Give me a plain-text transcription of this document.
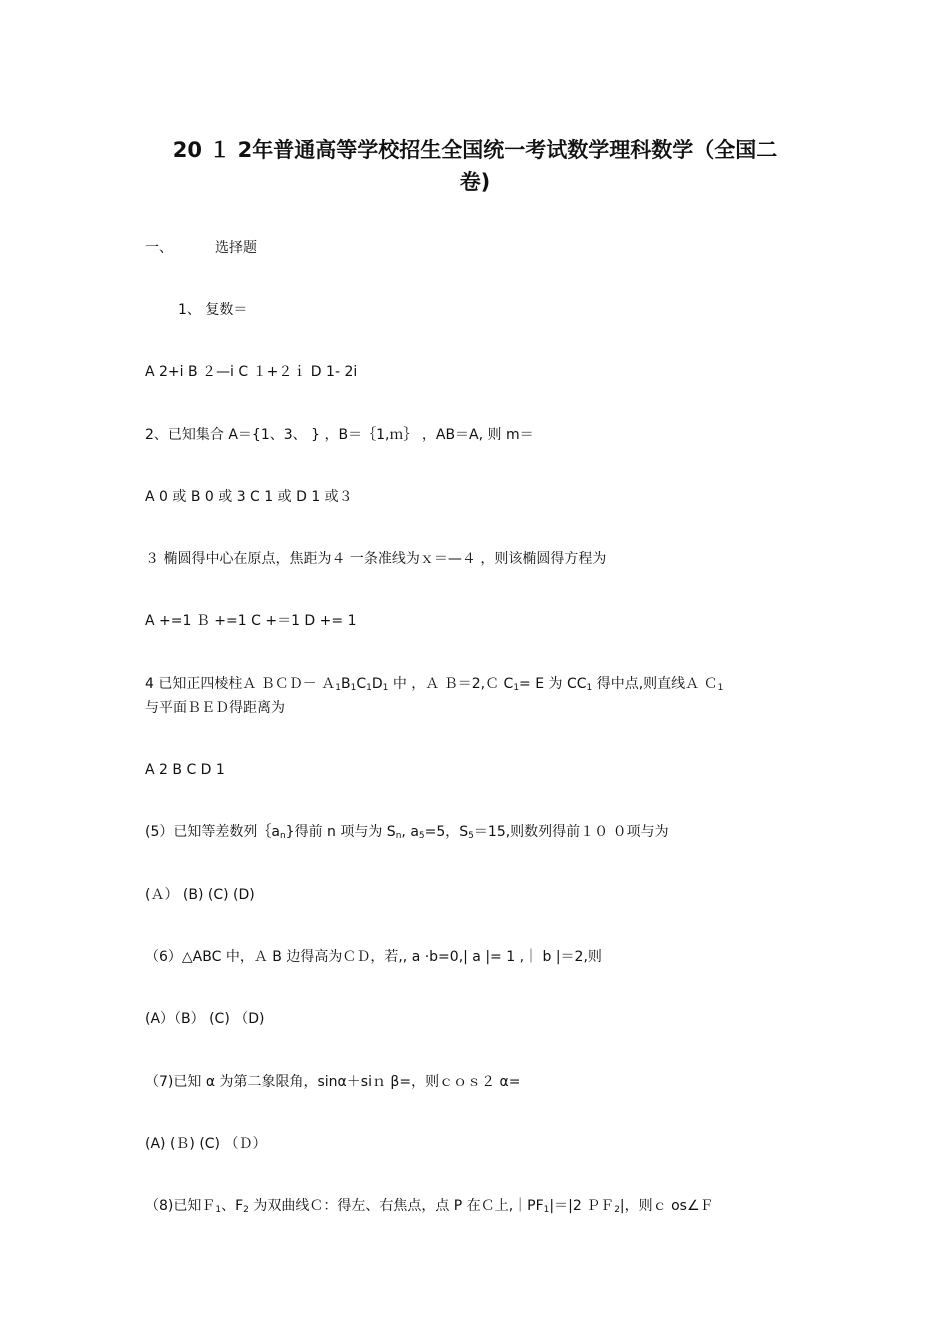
20 １ 2年普通高等学校招生全国统一考试数学理科数学（全国二
卷)
一、	选择题
1、 复数＝
A 2+i B ２—i C １+２ｉ D 1- 2i
2、已知集合 A＝{1、3、 } ，B＝｛1,ｍ｝ ，AB＝A, 则 m＝
A 0 或 B 0 或 3 C 1 或 D 1 或３
３ 椭圆得中心在原点，焦距为４ 一条准线为ｘ＝—４ ，则该椭圆得方程为
A +=1 Ｂ +=1 C +＝1 D += 1
4 已知正四棱柱Ａ ＢＣＤ－ $A_1B_1C_1D_1$ 中 ，Ａ Ｂ＝2,Ｃ $C_1= E$ 为 $CC_1$ 得中点,则直线Ａ Ｃ$_1$
与平面ＢＥＤ得距离为
A 2 B C D 1
(5）已知等差数列$\{a_n$}得前 n 项与为 $S_n$, $a_5=5$，$S_5=15$,则数列得前１０ ０项与为
(Ａ） (B) (C) (D)
（6）△ABC 中，Ａ B 边得高为ＣＤ，若,, a ·b=0,| a |= 1 ,｜ b |＝2,则
(A）（B） (C) （D)
（7)已知 α 为第二象限角，sinα＋siｎ β=，则ｃｏｓ２ α=
(A) (Ｂ) (C) （Ｄ）
（8)已知Ｆ$_1$、$F_2$ 为双曲线Ｃ：得左、右焦点，点 P 在Ｃ上$,|PF_1|=|2$ ＰＦ$_2$|，则ｃ os∠Ｆ
